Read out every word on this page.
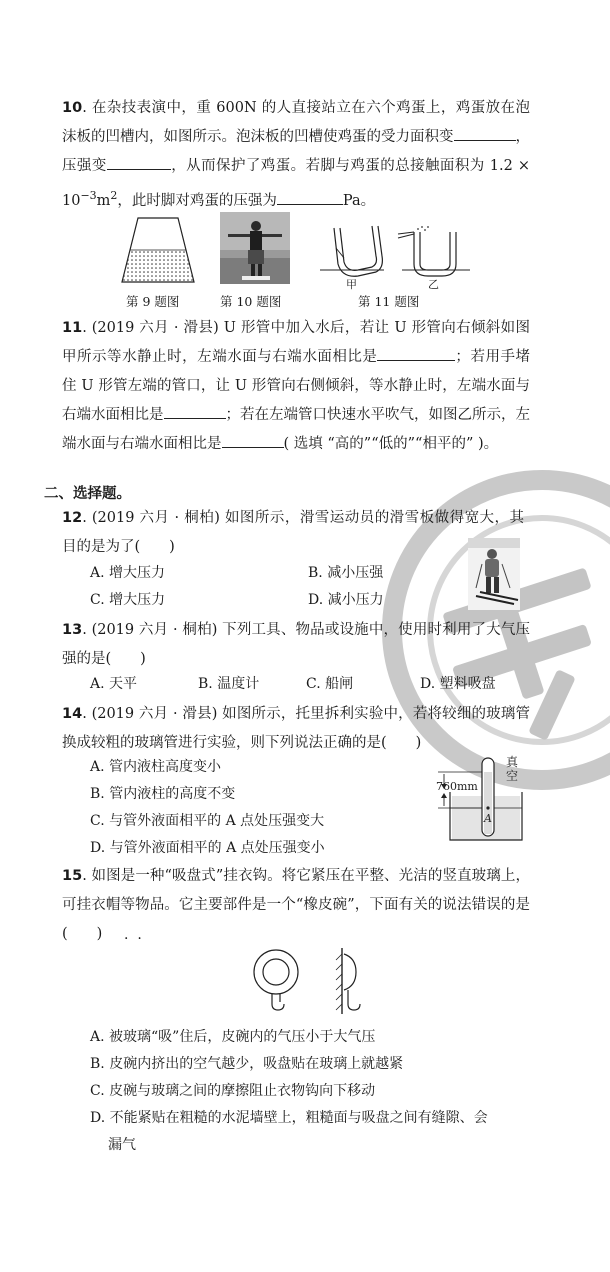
10. 在杂技表演中，重 600N 的人直接站立在六个鸡蛋上，鸡蛋放在泡沫板的凹槽内，如图所示。泡沫板的凹槽使鸡蛋的受力面积变	，压强变	，从而保护了鸡蛋。若脚与鸡蛋的总接触面积为 $1.2 \times 10^{-3}m^2$，此时脚对鸡蛋的压强为	Pa。
第 9 题图	第 10 题图
甲	乙
第 11 题图
11. (2019 六月 · 滑县) U 形管中加入水后，若让 U 形管向右倾斜如图甲所示等水静止时，左端水面与右端水面相比是	；若用手堵住 U 形管左端的管口，让 U 形管向右侧倾斜，等水静止时，左端水面与右端水面相比是	；若在左端管口快速水平吹气，如图乙所示，左端水面与右端水面相比是	( 选填 “高的”“低的”“相平的” )。
二、选择题。
12. (2019 六月 · 桐柏) 如图所示，滑雪运动员的滑雪板做得宽大，其目的是为了(　　)
A. 增大压力	B. 减小压强
C. 增大压力	D. 减小压力
13. (2019 六月 · 桐柏) 下列工具、物品或设施中，使用时利用了大气压强的是(　　)
A. 天平	B. 温度计	C. 船闸	D. 塑料吸盘
14. (2019 六月 · 滑县) 如图所示，托里拆利实验中，若将较细的玻璃管换成较粗的玻璃管进行实验，则下列说法正确的是(　　)
A. 管内液柱高度变小
B. 管内液柱的高度不变
C. 与管外液面相平的 A 点处压强变大
D. 与管外液面相平的 A 点处压强变小
760mm
真
空
A
15. 如图是一种“吸盘式”挂衣钩。将它紧压在平整、光洁的竖直玻璃上，可挂衣帽等物品。它主要部件是一个“橡皮碗”，下面有关的说法错误的是(　　)	·  ·
A. 被玻璃“吸”住后，皮碗内的气压小于大气压
B. 皮碗内挤出的空气越少，吸盘贴在玻璃上就越紧
C. 皮碗与玻璃之间的摩擦阻止衣物钩向下移动
D. 不能紧贴在粗糙的水泥墙壁上，粗糙面与吸盘之间有缝隙、会
漏气
